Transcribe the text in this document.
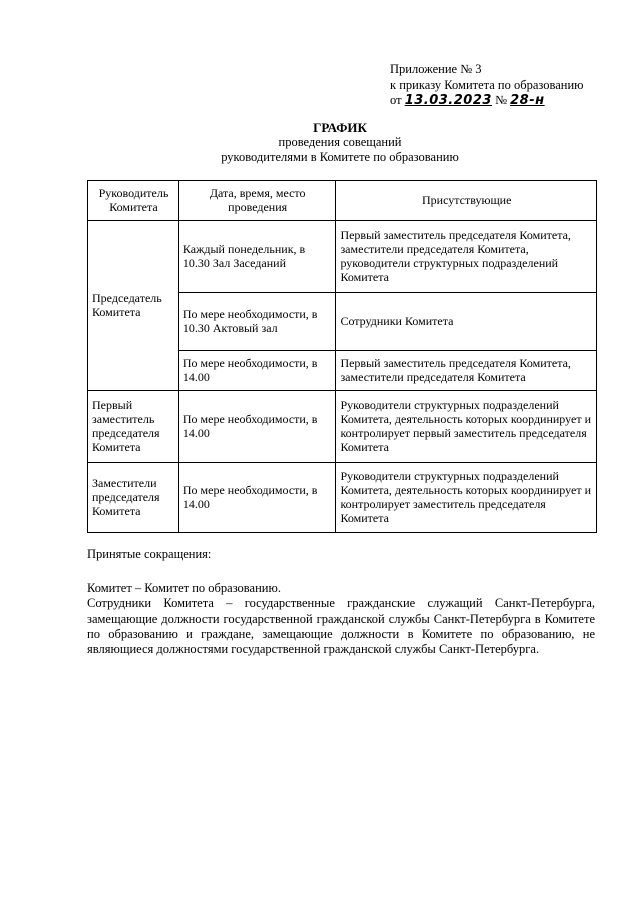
Приложение № 3
к приказу Комитета по образованию
от 13.03.2023 № 28-н
ГРАФИК
проведения совещаний
руководителями в Комитете по образованию
Руководитель Комитета	Дата, время, место проведения	Присутствующие
Председатель Комитета	Каждый понедельник, в 10.30 Зал Заседаний	Первый заместитель председателя Комитета, заместители председателя Комитета, руководители структурных подразделений Комитета
	По мере необходимости, в 10.30 Актовый зал	Сотрудники Комитета
	По мере необходимости, в 14.00	Первый заместитель председателя Комитета, заместители председателя Комитета
Первый заместитель председателя Комитета	По мере необходимости, в 14.00	Руководители структурных подразделений Комитета, деятельность которых координирует и контролирует первый заместитель председателя Комитета
Заместители председателя Комитета	По мере необходимости, в 14.00	Руководители структурных подразделений Комитета, деятельность которых координирует и контролирует заместитель председателя Комитета

Принятые сокращения:

Комитет – Комитет по образованию.

Сотрудники Комитета – государственные гражданские служащий Санкт-Петербурга, замещающие должности государственной гражданской службы Санкт-Петербурга в Комитете по образованию и граждане, замещающие должности в Комитете по образованию, не являющиеся должностями государственной гражданской службы Санкт-Петербурга.
